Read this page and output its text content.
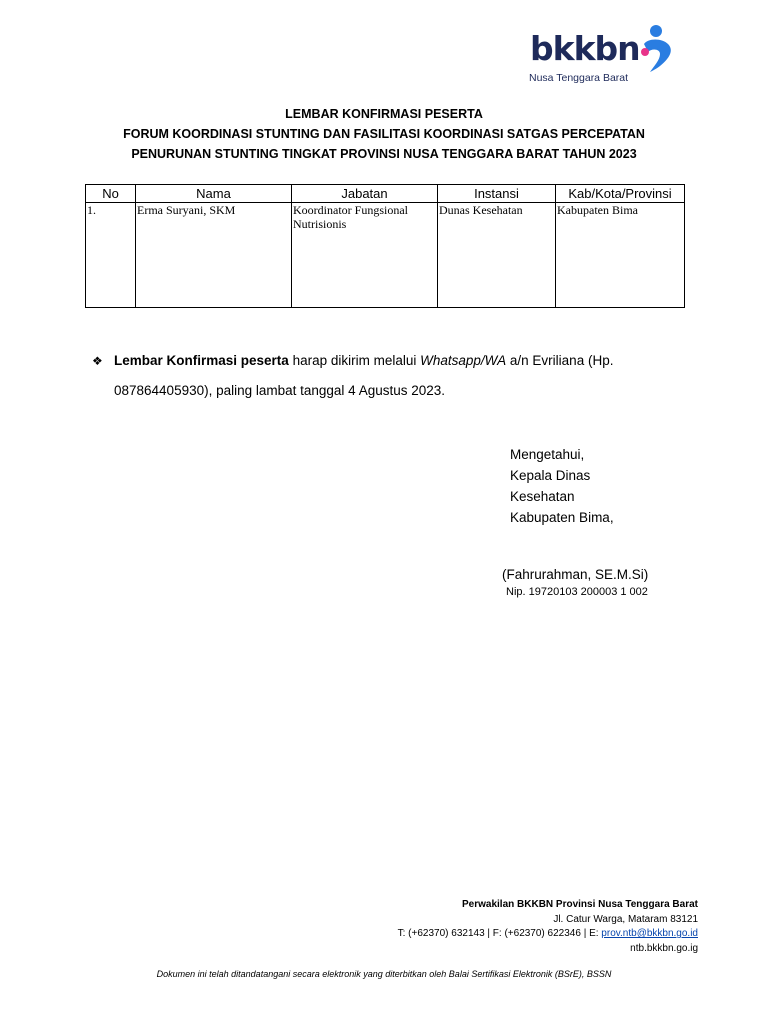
bkkbn
Nusa Tenggara Barat
LEMBAR KONFIRMASI PESERTA
FORUM KOORDINASI STUNTING DAN FASILITASI KOORDINASI SATGAS PERCEPATAN
PENURUNAN STUNTING TINGKAT PROVINSI NUSA TENGGARA BARAT TAHUN 2023
No	Nama	Jabatan	Instansi	Kab/Kota/Provinsi
1.	Erma Suryani, SKM	Koordinator Fungsional Nutrisionis	Dunas Kesehatan	Kabupaten Bima
❖ Lembar Konfirmasi peserta harap dikirim melalui Whatsapp/WA a/n Evriliana (Hp.
087864405930), paling lambat tanggal 4 Agustus 2023.
Mengetahui,
Kepala Dinas
Kesehatan
Kabupaten Bima,
(Fahrurahman, SE.M.Si)
Nip. 19720103 200003 1 002
Perwakilan BKKBN Provinsi Nusa Tenggara Barat
Jl. Catur Warga, Mataram 83121
T: (+62370) 632143 | F: (+62370) 622346 | E: prov.ntb@bkkbn.go.id
ntb.bkkbn.go.ig
Dokumen ini telah ditandatangani secara elektronik yang diterbitkan oleh Balai Sertifikasi Elektronik (BSrE), BSSN
